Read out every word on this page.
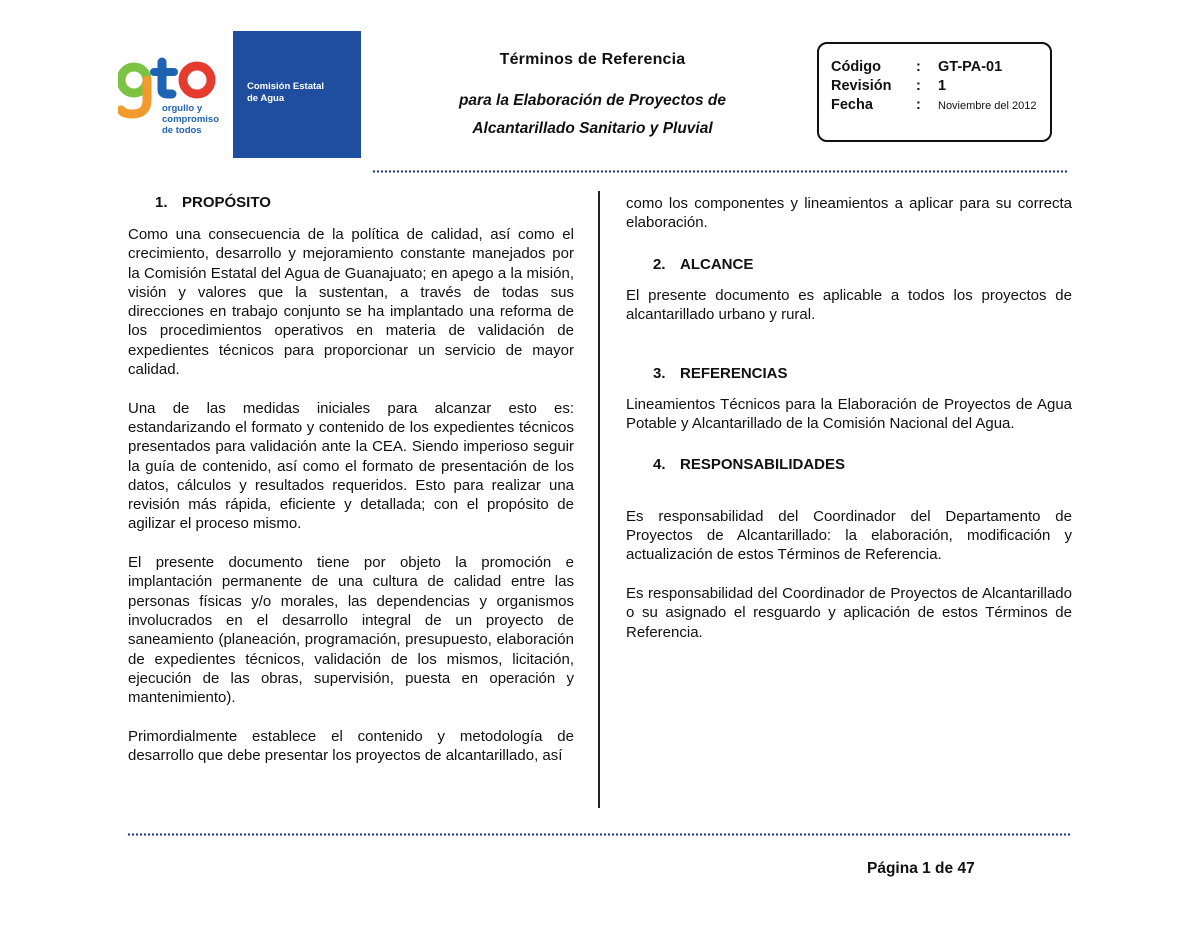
orgullo y
compromiso
de todos
Comisión Estatal
de Agua

Términos de Referencia

para la Elaboración de Proyectos de

Alcantarillado Sanitario y Pluvial

Código	:	GT-PA-01
Revisión	:	1
Fecha	:	Noviembre del 2012
1. PROPÓSITO

Como una consecuencia de la política de calidad, así como el crecimiento, desarrollo y mejoramiento constante manejados por la Comisión Estatal del Agua de Guanajuato; en apego a la misión, visión y valores que la sustentan, a través de todas sus direcciones en trabajo conjunto se ha implantado una reforma de los procedimientos operativos en materia de validación de expedientes técnicos para proporcionar un servicio de mayor calidad.

Una de las medidas iniciales para alcanzar esto es: estandarizando el formato y contenido de los expedientes técnicos presentados para validación ante la CEA. Siendo imperioso seguir la guía de contenido, así como el formato de presentación de los datos, cálculos y resultados requeridos. Esto para realizar una revisión más rápida, eficiente y detallada; con el propósito de agilizar el proceso mismo.

El presente documento tiene por objeto la promoción e implantación permanente de una cultura de calidad entre las personas físicas y/o morales, las dependencias y organismos involucrados en el desarrollo integral de un proyecto de saneamiento (planeación, programación, presupuesto, elaboración de expedientes técnicos, validación de los mismos, licitación, ejecución de las obras, supervisión, puesta en operación y mantenimiento).

Primordialmente establece el contenido y metodología de desarrollo que debe presentar los proyectos de alcantarillado, así

como los componentes y lineamientos a aplicar para su correcta elaboración.

2. ALCANCE

El presente documento es aplicable a todos los proyectos de alcantarillado urbano y rural.

3. REFERENCIAS

Lineamientos Técnicos para la Elaboración de Proyectos de Agua Potable y Alcantarillado de la Comisión Nacional del Agua.

4. RESPONSABILIDADES

Es responsabilidad del Coordinador del Departamento de Proyectos de Alcantarillado: la elaboración, modificación y actualización de estos Términos de Referencia.

Es responsabilidad del Coordinador de Proyectos de Alcantarillado o su asignado el resguardo y aplicación de estos Términos de Referencia.

Página 1 de 47
